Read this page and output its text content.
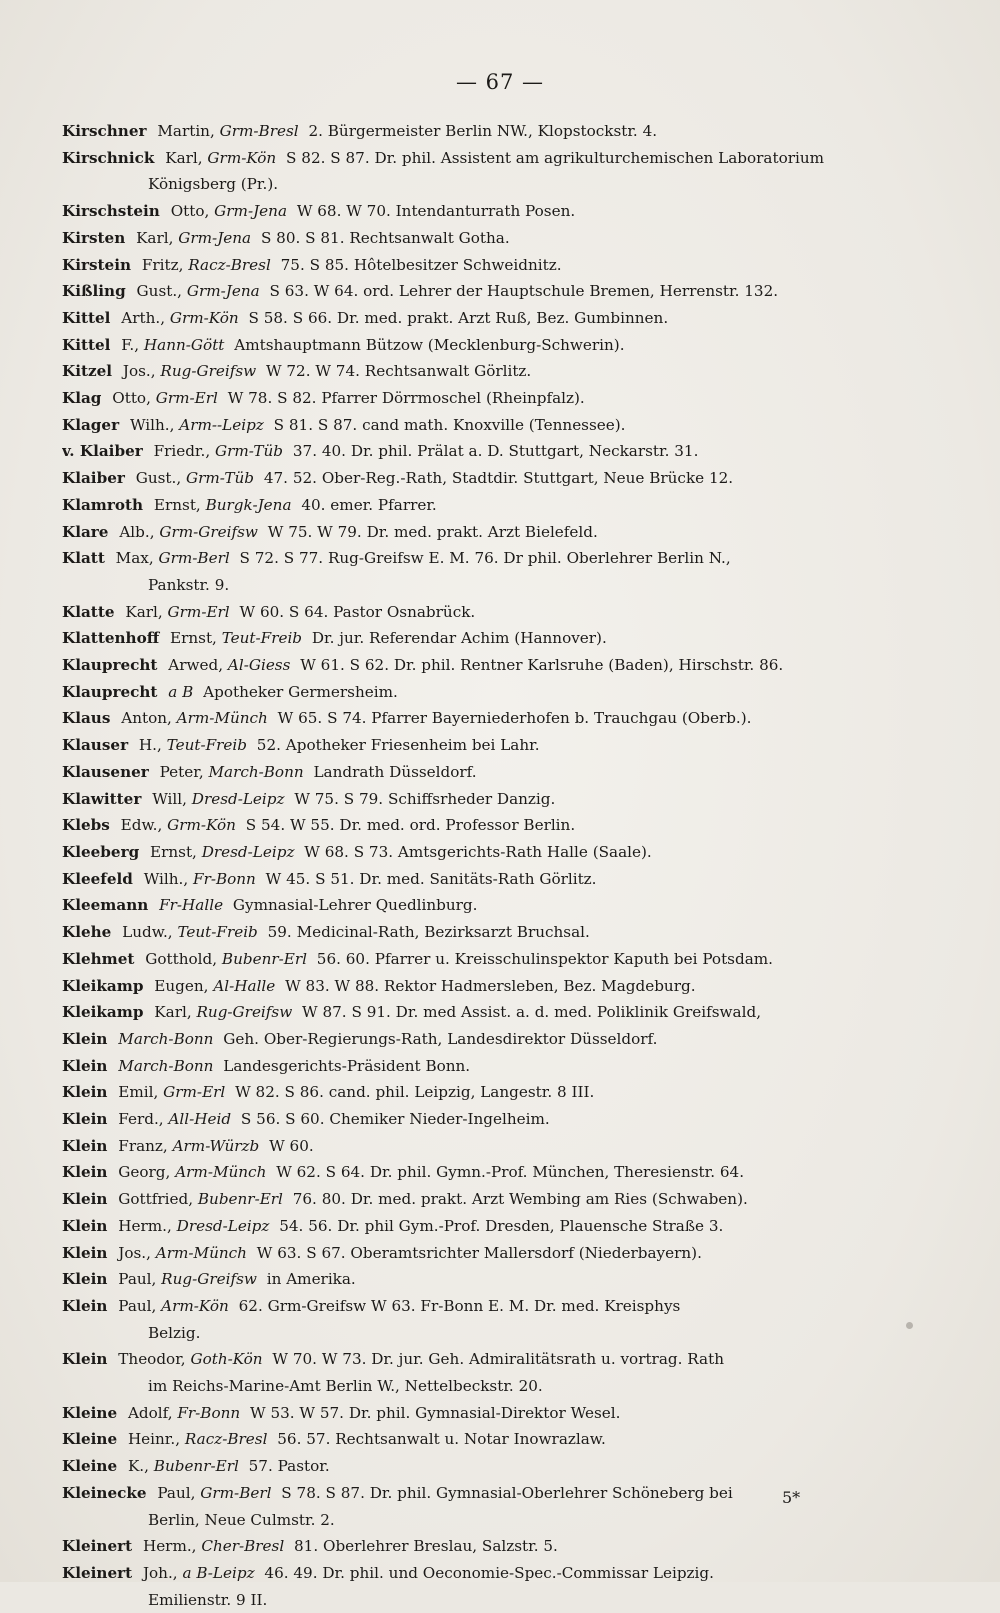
— 67 —
Kirschner Martin, Grm-Bresl 2. Bürgermeister Berlin NW., Klopstockstr. 4.
Kirschnick Karl, Grm-Kön S 82. S 87. Dr. phil. Assistent am agrikulturchemischen Laboratorium
Königsberg (Pr.).
Kirschstein Otto, Grm-Jena W 68. W 70. Intendanturrath Posen.
Kirsten Karl, Grm-Jena S 80. S 81. Rechtsanwalt Gotha.
Kirstein Fritz, Racz-Bresl 75. S 85. Hôtelbesitzer Schweidnitz.
Kißling Gust., Grm-Jena S 63. W 64. ord. Lehrer der Hauptschule Bremen, Herrenstr. 132.
Kittel Arth., Grm-Kön S 58. S 66. Dr. med. prakt. Arzt Ruß, Bez. Gumbinnen.
Kittel F., Hann-Gött Amtshauptmann Bützow (Mecklenburg-Schwerin).
Kitzel Jos., Rug-Greifsw W 72. W 74. Rechtsanwalt Görlitz.
Klag Otto, Grm-Erl W 78. S 82. Pfarrer Dörrmoschel (Rheinpfalz).
Klager Wilh., Arm--Leipz S 81. S 87. cand math. Knoxville (Tennessee).
v. Klaiber Friedr., Grm-Tüb 37. 40. Dr. phil. Prälat a. D. Stuttgart, Neckarstr. 31.
Klaiber Gust., Grm-Tüb 47. 52. Ober-Reg.-Rath, Stadtdir. Stuttgart, Neue Brücke 12.
Klamroth Ernst, Burgk-Jena 40. emer. Pfarrer.
Klare Alb., Grm-Greifsw W 75. W 79. Dr. med. prakt. Arzt Bielefeld.
Klatt Max, Grm-Berl S 72. S 77. Rug-Greifsw E. M. 76. Dr phil. Oberlehrer Berlin N.,
Pankstr. 9.
Klatte Karl, Grm-Erl W 60. S 64. Pastor Osnabrück.
Klattenhoff Ernst, Teut-Freib Dr. jur. Referendar Achim (Hannover).
Klauprecht Arwed, Al-Giess W 61. S 62. Dr. phil. Rentner Karlsruhe (Baden), Hirschstr. 86.
Klauprecht a B Apotheker Germersheim.
Klaus Anton, Arm-Münch W 65. S 74. Pfarrer Bayerniederhofen b. Trauchgau (Oberb.).
Klauser H., Teut-Freib 52. Apotheker Friesenheim bei Lahr.
Klausener Peter, March-Bonn Landrath Düsseldorf.
Klawitter Will, Dresd-Leipz W 75. S 79. Schiffsrheder Danzig.
Klebs Edw., Grm-Kön S 54. W 55. Dr. med. ord. Professor Berlin.
Kleeberg Ernst, Dresd-Leipz W 68. S 73. Amtsgerichts-Rath Halle (Saale).
Kleefeld Wilh., Fr-Bonn W 45. S 51. Dr. med. Sanitäts-Rath Görlitz.
Kleemann Fr-Halle Gymnasial-Lehrer Quedlinburg.
Klehe Ludw., Teut-Freib 59. Medicinal-Rath, Bezirksarzt Bruchsal.
Klehmet Gotthold, Bubenr-Erl 56. 60. Pfarrer u. Kreisschulinspektor Kaputh bei Potsdam.
Kleikamp Eugen, Al-Halle W 83. W 88. Rektor Hadmersleben, Bez. Magdeburg.
Kleikamp Karl, Rug-Greifsw W 87. S 91. Dr. med Assist. a. d. med. Poliklinik Greifswald,
Klein March-Bonn Geh. Ober-Regierungs-Rath, Landesdirektor Düsseldorf.
Klein March-Bonn Landesgerichts-Präsident Bonn.
Klein Emil, Grm-Erl W 82. S 86. cand. phil. Leipzig, Langestr. 8 III.
Klein Ferd., All-Heid S 56. S 60. Chemiker Nieder-Ingelheim.
Klein Franz, Arm-Würzb W 60.
Klein Georg, Arm-Münch W 62. S 64. Dr. phil. Gymn.-Prof. München, Theresienstr. 64.
Klein Gottfried, Bubenr-Erl 76. 80. Dr. med. prakt. Arzt Wembing am Ries (Schwaben).
Klein Herm., Dresd-Leipz 54. 56. Dr. phil Gym.-Prof. Dresden, Plauensche Straße 3.
Klein Jos., Arm-Münch W 63. S 67. Oberamtsrichter Mallersdorf (Niederbayern).
Klein Paul, Rug-Greifsw in Amerika.
Klein Paul, Arm-Kön 62. Grm-Greifsw W 63. Fr-Bonn E. M. Dr. med. Kreisphys
Belzig.
Klein Theodor, Goth-Kön W 70. W 73. Dr. jur. Geh. Admiralitätsrath u. vortrag. Rath
im Reichs-Marine-Amt Berlin W., Nettelbeckstr. 20.
Kleine Adolf, Fr-Bonn W 53. W 57. Dr. phil. Gymnasial-Direktor Wesel.
Kleine Heinr., Racz-Bresl 56. 57. Rechtsanwalt u. Notar Inowrazlaw.
Kleine K., Bubenr-Erl 57. Pastor.
Kleinecke Paul, Grm-Berl S 78. S 87. Dr. phil. Gymnasial-Oberlehrer Schöneberg bei
Berlin, Neue Culmstr. 2.
Kleinert Herm., Cher-Bresl 81. Oberlehrer Breslau, Salzstr. 5.
Kleinert Joh., a B-Leipz 46. 49. Dr. phil. und Oeconomie-Spec.-Commissar Leipzig.
Emilienstr. 9 II.
5*
